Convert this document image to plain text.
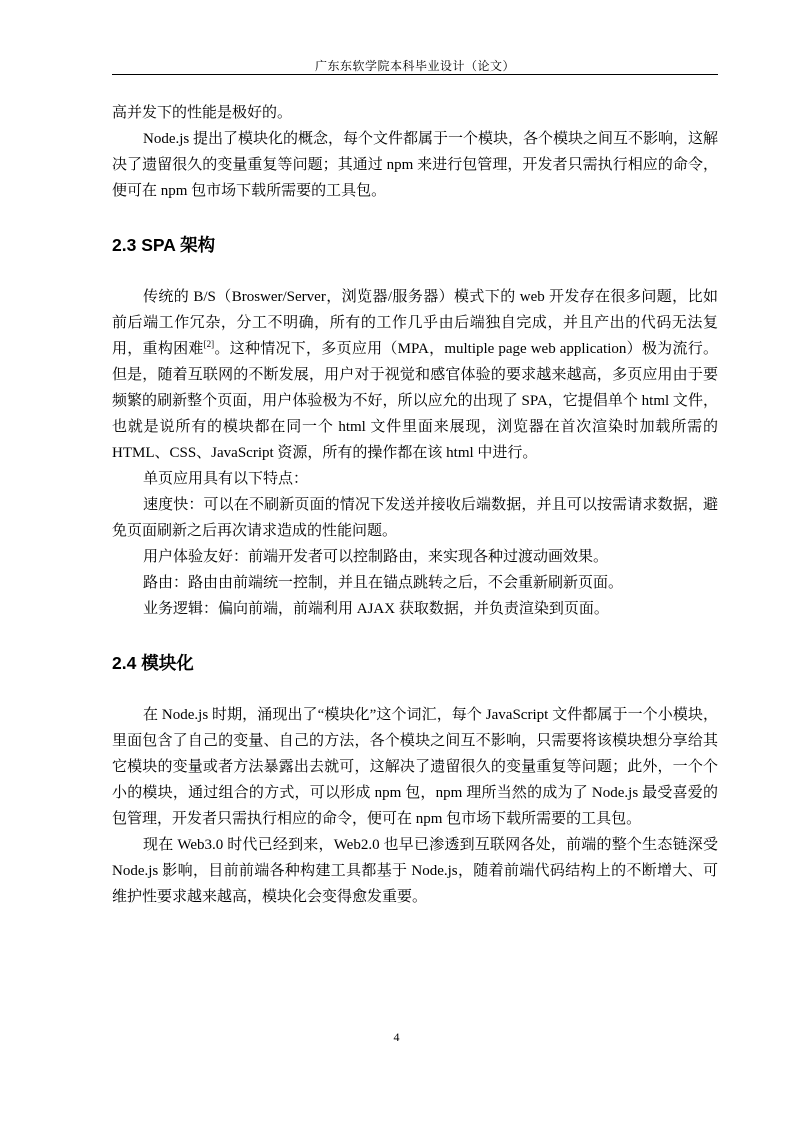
广东东软学院本科毕业设计（论文）

高并发下的性能是极好的。

Node.js 提出了模块化的概念，每个文件都属于一个模块，各个模块之间互不影响，这解决了遗留很久的变量重复等问题；其通过 npm 来进行包管理，开发者只需执行相应的命令，便可在 npm 包市场下载所需要的工具包。

2.3 SPA 架构

传统的 B/S（Broswer/Server，浏览器/服务器）模式下的 web 开发存在很多问题，比如前后端工作冗杂，分工不明确，所有的工作几乎由后端独自完成，并且产出的代码无法复用，重构困难[2]。这种情况下，多页应用（MPA，multiple page web application）极为流行。 但是，随着互联网的不断发展，用户对于视觉和感官体验的要求越来越高，多页应用由于要频繁的刷新整个页面，用户体验极为不好，所以应允的出现了 SPA，它提倡单个 html 文件，也就是说所有的模块都在同一个 html 文件里面来展现，浏览器在首次渲染时加载所需的 HTML、CSS、JavaScript 资源，所有的操作都在该 html 中进行。

单页应用具有以下特点：

速度快：可以在不刷新页面的情况下发送并接收后端数据，并且可以按需请求数据，避免页面刷新之后再次请求造成的性能问题。

用户体验友好：前端开发者可以控制路由，来实现各种过渡动画效果。

路由：路由由前端统一控制，并且在锚点跳转之后，不会重新刷新页面。

业务逻辑：偏向前端，前端利用 AJAX 获取数据，并负责渲染到页面。

2.4 模块化

在 Node.js 时期，涌现出了“模块化”这个词汇，每个 JavaScript 文件都属于一个小模块，里面包含了自己的变量、自己的方法，各个模块之间互不影响，只需要将该模块想分享给其它模块的变量或者方法暴露出去就可，这解决了遗留很久的变量重复等问题；此外，一个个小的模块，通过组合的方式，可以形成 npm 包，npm 理所当然的成为了 Node.js 最受喜爱的包管理，开发者只需执行相应的命令，便可在 npm 包市场下载所需要的工具包。

现在 Web3.0 时代已经到来，Web2.0 也早已渗透到互联网各处，前端的整个生态链深受 Node.js 影响，目前前端各种构建工具都基于 Node.js，随着前端代码结构上的不断增大、可维护性要求越来越高，模块化会变得愈发重要。

4
